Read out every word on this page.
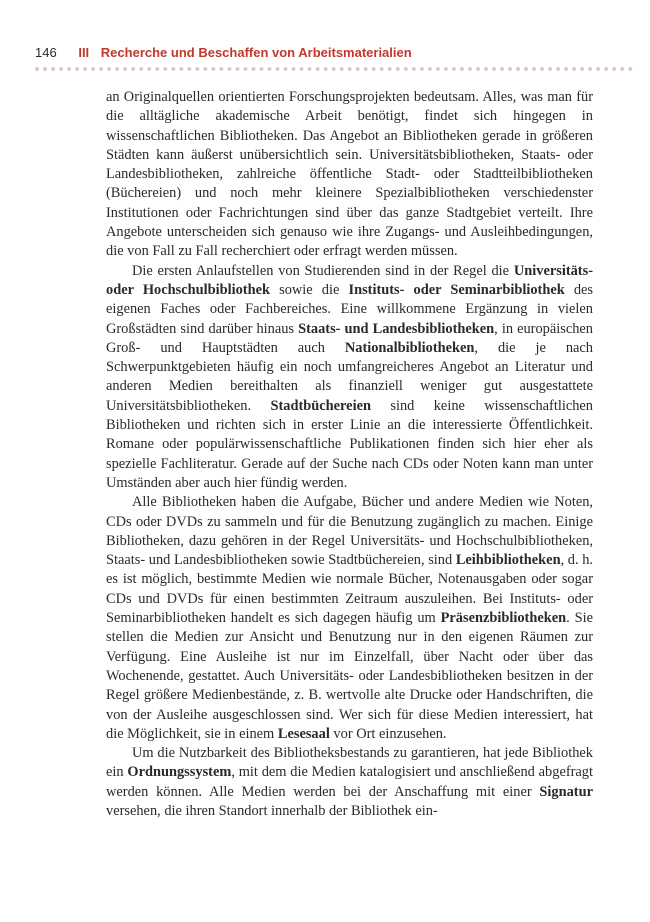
146 III Recherche und Beschaffen von Arbeitsmaterialien

an Originalquellen orientierten Forschungsprojekten bedeutsam. Alles, was man für die alltägliche akademische Arbeit benötigt, findet sich hingegen in wissenschaftlichen Bibliotheken. Das Angebot an Bibliotheken gerade in größeren Städten kann äußerst unübersichtlich sein. Universitätsbibliotheken, Staats- oder Landesbibliotheken, zahlreiche öffentliche Stadt- oder Stadtteilbibliotheken (Büchereien) und noch mehr kleinere Spezialbibliotheken verschiedenster Institutionen oder Fachrichtungen sind über das ganze Stadtgebiet verteilt. Ihre Angebote unterscheiden sich genauso wie ihre Zugangs- und Ausleihbedingungen, die von Fall zu Fall recherchiert oder erfragt werden müssen.

Die ersten Anlaufstellen von Studierenden sind in der Regel die Universitäts- oder Hochschulbibliothek sowie die Instituts- oder Seminarbibliothek des eigenen Faches oder Fachbereiches. Eine willkommene Ergänzung in vielen Großstädten sind darüber hinaus Staats- und Landesbibliotheken, in europäischen Groß- und Hauptstädten auch Nationalbibliotheken, die je nach Schwerpunktgebieten häufig ein noch umfangreicheres Angebot an Literatur und anderen Medien bereithalten als finanziell weniger gut ausgestattete Universitätsbibliotheken. Stadtbüchereien sind keine wissenschaftlichen Bibliotheken und richten sich in erster Linie an die interessierte Öffentlichkeit. Romane oder populärwissenschaftliche Publikationen finden sich hier eher als spezielle Fachliteratur. Gerade auf der Suche nach CDs oder Noten kann man unter Umständen aber auch hier fündig werden.

Alle Bibliotheken haben die Aufgabe, Bücher und andere Medien wie Noten, CDs oder DVDs zu sammeln und für die Benutzung zugänglich zu machen. Einige Bibliotheken, dazu gehören in der Regel Universitäts- und Hochschulbibliotheken, Staats- und Landesbibliotheken sowie Stadtbüchereien, sind Leihbibliotheken, d. h. es ist möglich, bestimmte Medien wie normale Bücher, Notenausgaben oder sogar CDs und DVDs für einen bestimmten Zeitraum auszuleihen. Bei Instituts- oder Seminarbibliotheken handelt es sich dagegen häufig um Präsenzbibliotheken. Sie stellen die Medien zur Ansicht und Benutzung nur in den eigenen Räumen zur Verfügung. Eine Ausleihe ist nur im Einzelfall, über Nacht oder über das Wochenende, gestattet. Auch Universitäts- oder Landesbibliotheken besitzen in der Regel größere Medienbestände, z. B. wertvolle alte Drucke oder Handschriften, die von der Ausleihe ausgeschlossen sind. Wer sich für diese Medien interessiert, hat die Möglichkeit, sie in einem Lesesaal vor Ort einzusehen.

Um die Nutzbarkeit des Bibliotheksbestands zu garantieren, hat jede Bibliothek ein Ordnungssystem, mit dem die Medien katalogisiert und anschließend abgefragt werden können. Alle Medien werden bei der Anschaffung mit einer Signatur versehen, die ihren Standort innerhalb der Bibliothek ein-
